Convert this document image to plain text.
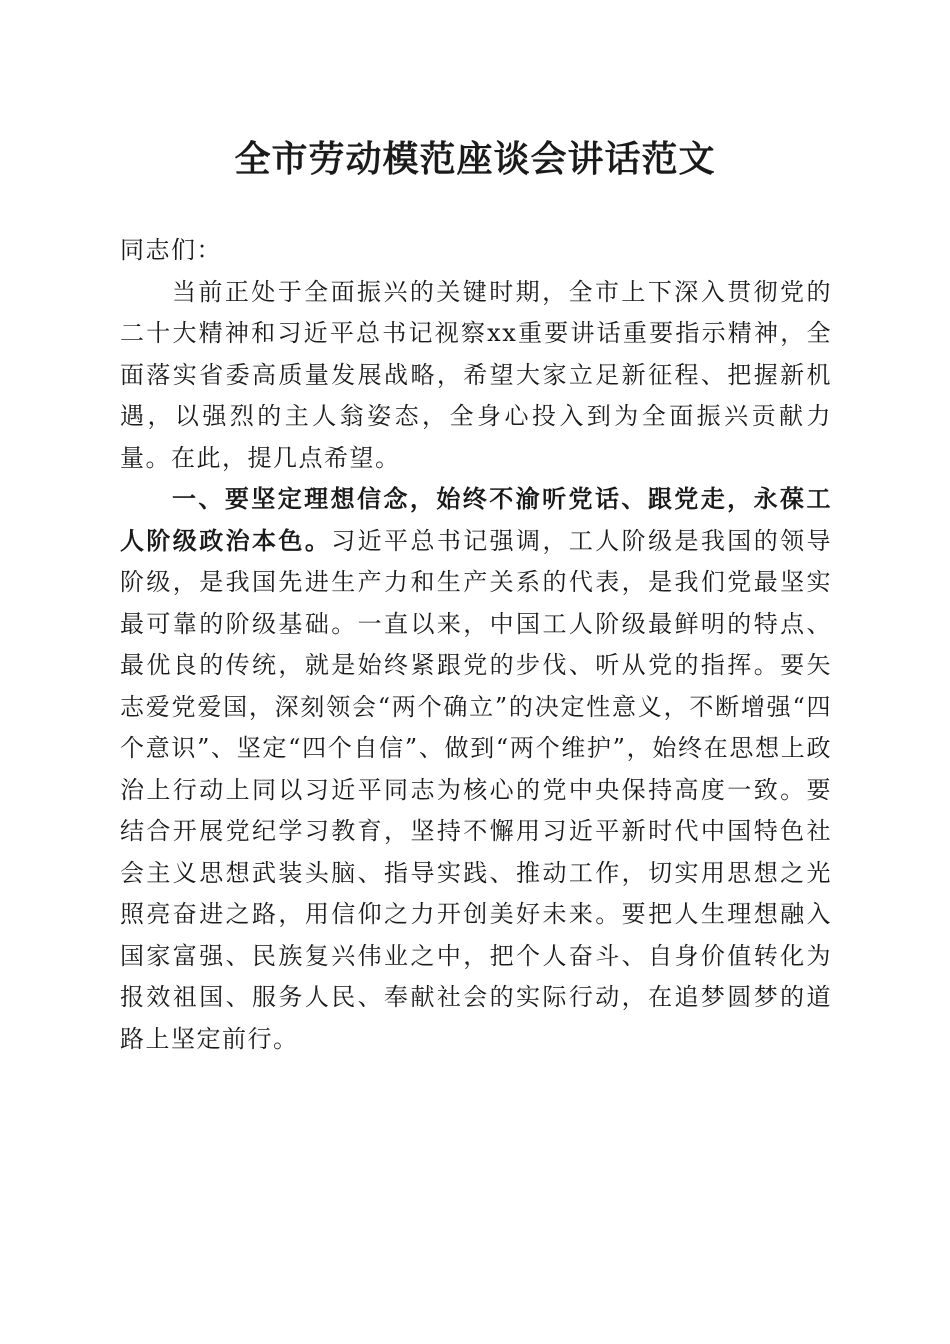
全市劳动模范座谈会讲话范文

同志们：

当前正处于全面振兴的关键时期，全市上下深入贯彻党的二十大精神和习近平总书记视察xx重要讲话重要指示精神，全面落实省委高质量发展战略，希望大家立足新征程、把握新机遇，以强烈的主人翁姿态，全身心投入到为全面振兴贡献力量。在此，提几点希望。

一、要坚定理想信念，始终不渝听党话、跟党走，永葆工人阶级政治本色。习近平总书记强调，工人阶级是我国的领导阶级，是我国先进生产力和生产关系的代表，是我们党最坚实最可靠的阶级基础。一直以来，中国工人阶级最鲜明的特点、最优良的传统，就是始终紧跟党的步伐、听从党的指挥。要矢志爱党爱国，深刻领会“两个确立”的决定性意义，不断增强“四个意识”、坚定“四个自信”、做到“两个维护”，始终在思想上政治上行动上同以习近平同志为核心的党中央保持高度一致。要结合开展党纪学习教育，坚持不懈用习近平新时代中国特色社会主义思想武装头脑、指导实践、推动工作，切实用思想之光照亮奋进之路，用信仰之力开创美好未来。要把人生理想融入国家富强、民族复兴伟业之中，把个人奋斗、自身价值转化为报效祖国、服务人民、奉献社会的实际行动，在追梦圆梦的道路上坚定前行。
